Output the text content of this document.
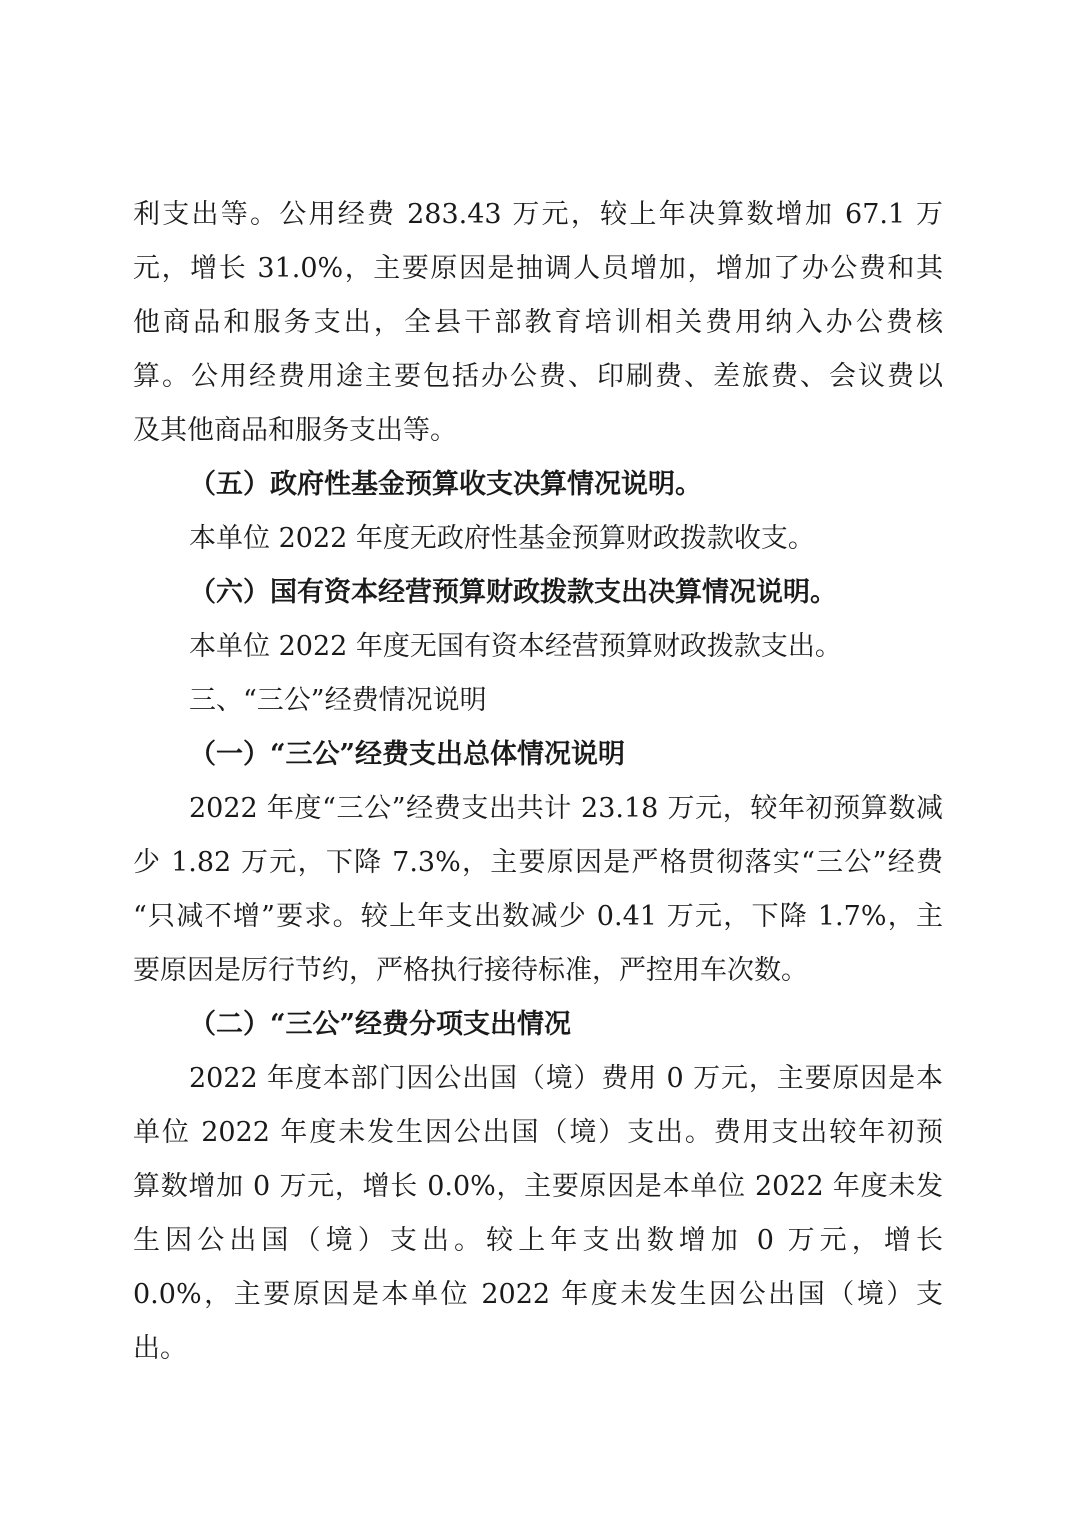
利支出等。公用经费 283.43 万元，较上年决算数增加 67.1 万
元，增长 31.0%，主要原因是抽调人员增加，增加了办公费和其
他商品和服务支出，全县干部教育培训相关费用纳入办公费核
算。公用经费用途主要包括办公费、印刷费、差旅费、会议费以
及其他商品和服务支出等。
（五）政府性基金预算收支决算情况说明。
本单位 2022 年度无政府性基金预算财政拨款收支。
（六）国有资本经营预算财政拨款支出决算情况说明。
本单位 2022 年度无国有资本经营预算财政拨款支出。
三、“三公”经费情况说明
（一）“三公”经费支出总体情况说明
2022 年度“三公”经费支出共计 23.18 万元，较年初预算数减
少 1.82 万元，下降 7.3%，主要原因是严格贯彻落实“三公”经费
“只减不增”要求。较上年支出数减少 0.41 万元，下降 1.7%，主
要原因是厉行节约，严格执行接待标准，严控用车次数。
（二）“三公”经费分项支出情况
2022 年度本部门因公出国（境）费用 0 万元，主要原因是本
单位 2022 年度未发生因公出国（境）支出。费用支出较年初预
算数增加 0 万元，增长 0.0%，主要原因是本单位 2022 年度未发
生因公出国（境）支出。较上年支出数增加 0 万元，增长
0.0%，主要原因是本单位 2022 年度未发生因公出国（境）支
出。
